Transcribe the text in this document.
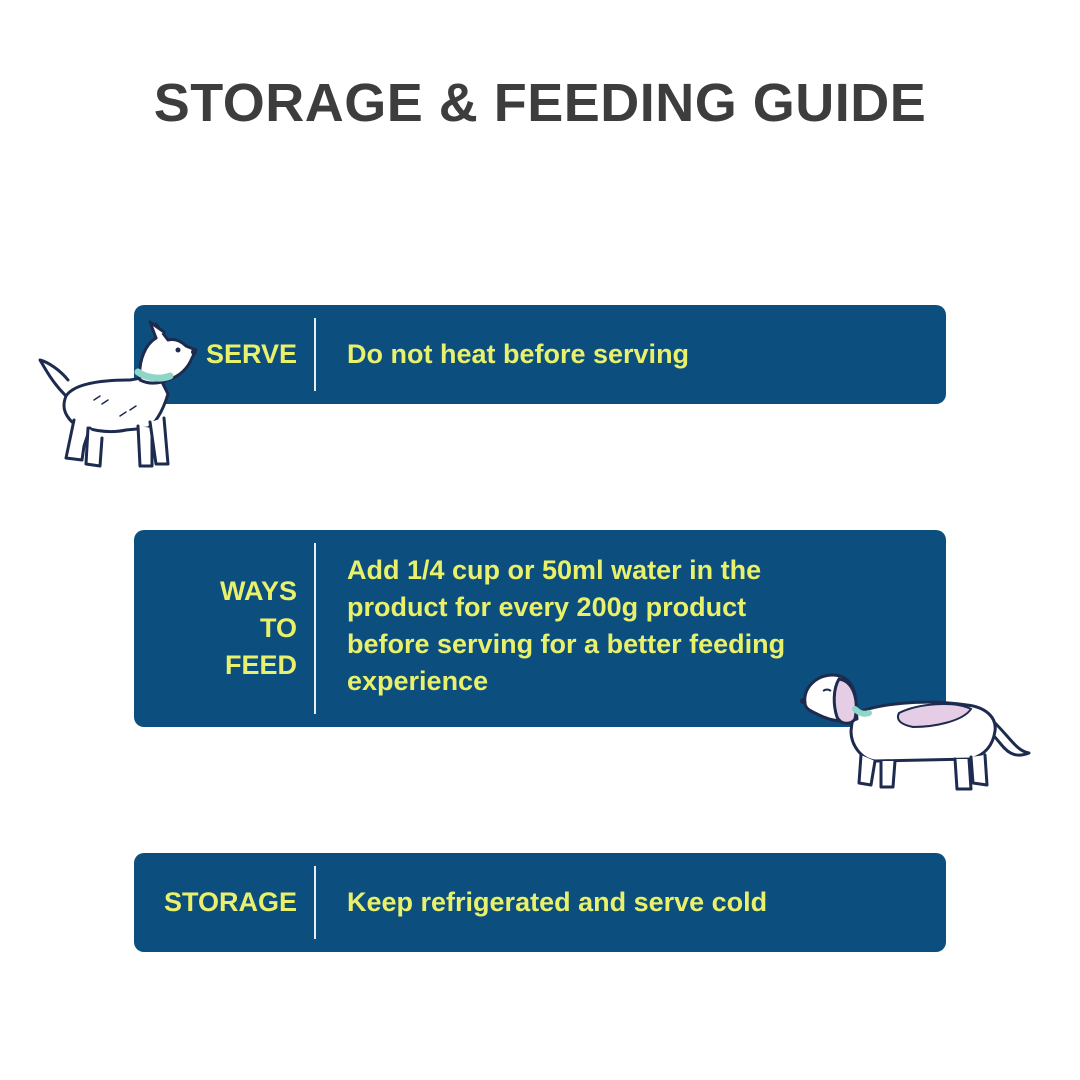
STORAGE & FEEDING GUIDE
SERVE	Do not heat before serving
WAYS
TO
FEED
Add 1/4 cup or 50ml water in the product for every 200g product before serving for a better feeding experience
STORAGE	Keep refrigerated and serve cold
